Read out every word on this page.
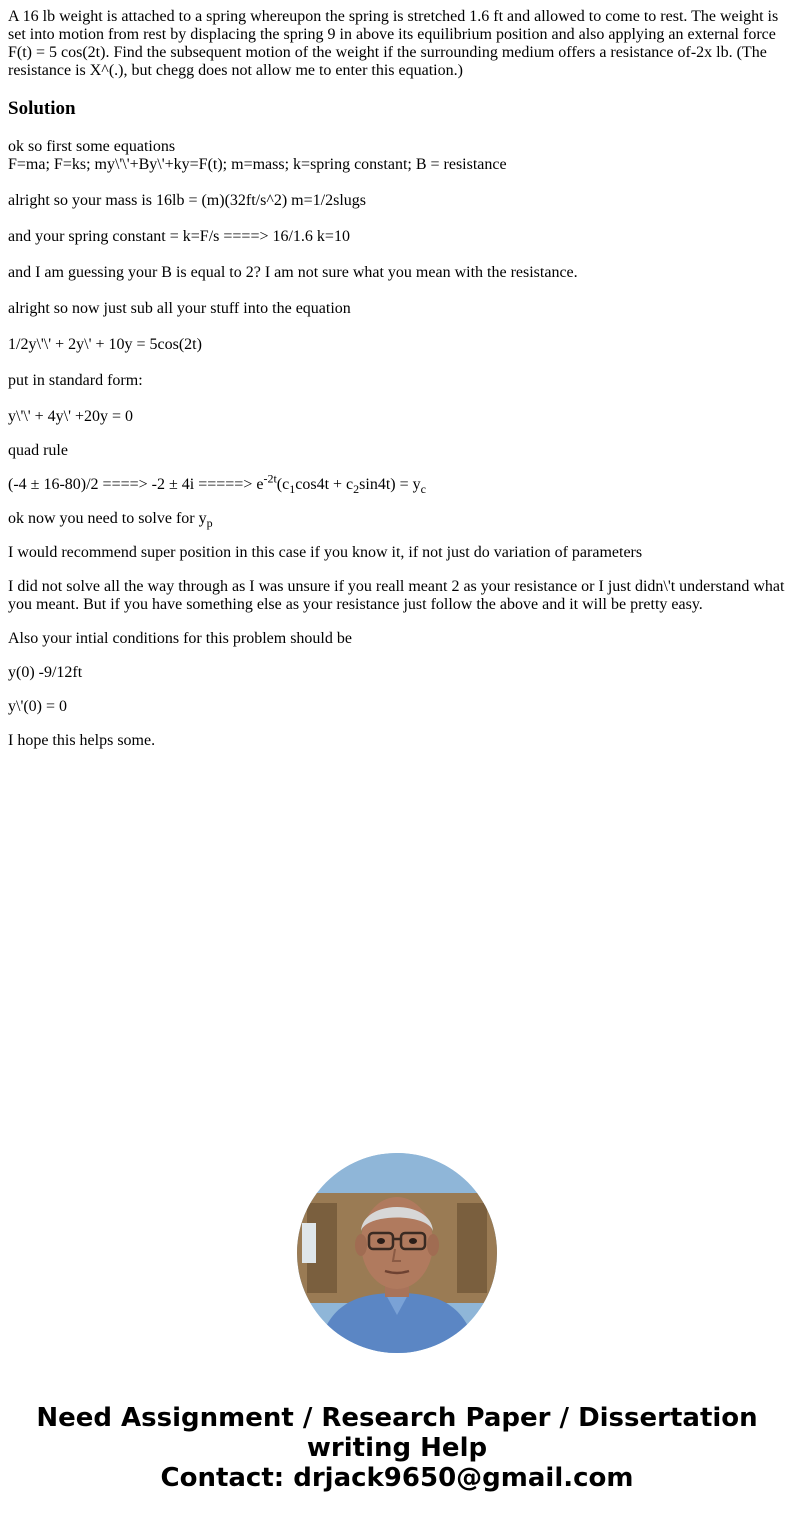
A 16 lb weight is attached to a spring whereupon the spring is stretched 1.6 ft and allowed to come to rest. The weight is set into motion from rest by displacing the spring 9 in above its equilibrium position and also applying an external force F(t) = 5 cos(2t). Find the subsequent motion of the weight if the surrounding medium offers a resistance of-2x lb. (The resistance is X^(.), but chegg does not allow me to enter this equation.)

Solution

ok so first some equations
F=ma; F=ks; my\'\'+By\'+ky=F(t); m=mass; k=spring constant; B = resistance

alright so your mass is 16lb = (m)(32ft/s^2) m=1/2slugs

and your spring constant = k=F/s ====> 16/1.6 k=10

and I am guessing your B is equal to 2? I am not sure what you mean with the resistance.

alright so now just sub all your stuff into the equation

1/2y\'\' + 2y\' + 10y = 5cos(2t)

put in standard form:

y\'\' + 4y\' +20y = 0

quad rule

(-4 ± 16-80)/2 ====> -2 ± 4i =====> $e^{-2t}(c_1\cos 4t + c_2\sin 4t) = y_c$

ok now you need to solve for $y_p$

I would recommend super position in this case if you know it, if not just do variation of parameters

I did not solve all the way through as I was unsure if you reall meant 2 as your resistance or I just didn\'t understand what you meant. But if you have something else as your resistance just follow the above and it will be pretty easy.

Also your intial conditions for this problem should be

y(0) -9/12ft

y\'(0) = 0

I hope this helps some.

Need Assignment / Research Paper / Dissertation
writing Help
Contact: drjack9650@gmail.com
